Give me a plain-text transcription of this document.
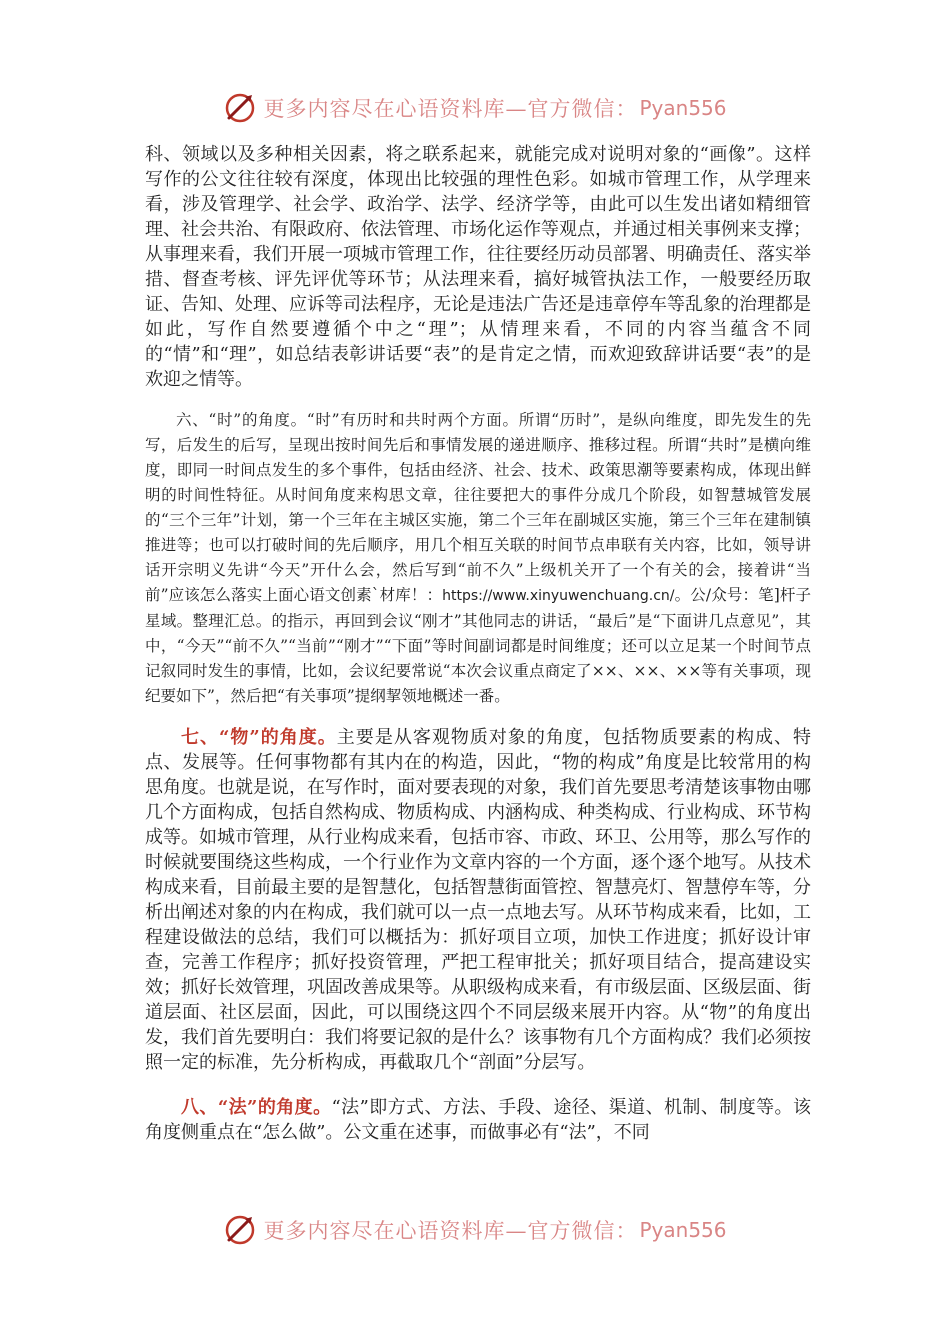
更多内容尽在心语资料库—官方微信： Pyan556

科、领域以及多种相关因素，将之联系起来，就能完成对说明对象的“画像”。这样写作的公文往往较有深度，体现出比较强的理性色彩。如城市管理工作，从学理来看，涉及管理学、社会学、政治学、法学、经济学等，由此可以生发出诸如精细管理、社会共治、有限政府、依法管理、市场化运作等观点，并通过相关事例来支撑；从事理来看，我们开展一项城市管理工作，往往要经历动员部署、明确责任、落实举措、督查考核、评先评优等环节；从法理来看，搞好城管执法工作，一般要经历取证、告知、处理、应诉等司法程序，无论是违法广告还是违章停车等乱象的治理都是如此，写作自然要遵循个中之“理”；从情理来看，不同的内容当蕴含不同的“情”和“理”，如总结表彰讲话要“表”的是肯定之情，而欢迎致辞讲话要“表”的是欢迎之情等。

六、“时”的角度。“时”有历时和共时两个方面。所谓“历时”，是纵向维度，即先发生的先写，后发生的后写，呈现出按时间先后和事情发展的递进顺序、推移过程。所谓“共时”是横向维度，即同一时间点发生的多个事件，包括由经济、社会、技术、政策思潮等要素构成，体现出鲜明的时间性特征。从时间角度来构思文章，往往要把大的事件分成几个阶段，如智慧城管发展的“三个三年”计划，第一个三年在主城区实施，第二个三年在副城区实施，第三个三年在建制镇推进等；也可以打破时间的先后顺序，用几个相互关联的时间节点串联有关内容，比如，领导讲话开宗明义先讲“今天”开什么会，然后写到“前不久”上级机关开了一个有关的会，接着讲“当前”应该怎么落实上面心语文创素`材库！：https://www.xinyuwenchuang.cn/。公/众号：笔]杆子星域。整理汇总。的指示，再回到会议“刚才”其他同志的讲话，“最后”是“下面讲几点意见”，其中，“今天”“前不久”“当前”“刚才”“下面”等时间副词都是时间维度；还可以立足某一个时间节点记叙同时发生的事情，比如，会议纪要常说“本次会议重点商定了××、××、××等有关事项，现纪要如下”，然后把“有关事项”提纲挈领地概述一番。

七、“物”的角度。主要是从客观物质对象的角度，包括物质要素的构成、特点、发展等。任何事物都有其内在的构造，因此，“物的构成”角度是比较常用的构思角度。也就是说，在写作时，面对要表现的对象，我们首先要思考清楚该事物由哪几个方面构成，包括自然构成、物质构成、内涵构成、种类构成、行业构成、环节构成等。如城市管理，从行业构成来看，包括市容、市政、环卫、公用等，那么写作的时候就要围绕这些构成，一个行业作为文章内容的一个方面，逐个逐个地写。从技术构成来看，目前最主要的是智慧化，包括智慧街面管控、智慧亮灯、智慧停车等，分析出阐述对象的内在构成，我们就可以一点一点地去写。从环节构成来看，比如，工程建设做法的总结，我们可以概括为：抓好项目立项，加快工作进度；抓好设计审查，完善工作程序；抓好投资管理，严把工程审批关；抓好项目结合，提高建设实效；抓好长效管理，巩固改善成果等。从职级构成来看，有市级层面、区级层面、街道层面、社区层面，因此，可以围绕这四个不同层级来展开内容。从“物”的角度出发，我们首先要明白：我们将要记叙的是什么？该事物有几个方面构成？我们必须按照一定的标准，先分析构成，再截取几个“剖面”分层写。

八、“法”的角度。“法”即方式、方法、手段、途径、渠道、机制、制度等。该角度侧重点在“怎么做”。公文重在述事，而做事必有“法”，不同

更多内容尽在心语资料库—官方微信： Pyan556
